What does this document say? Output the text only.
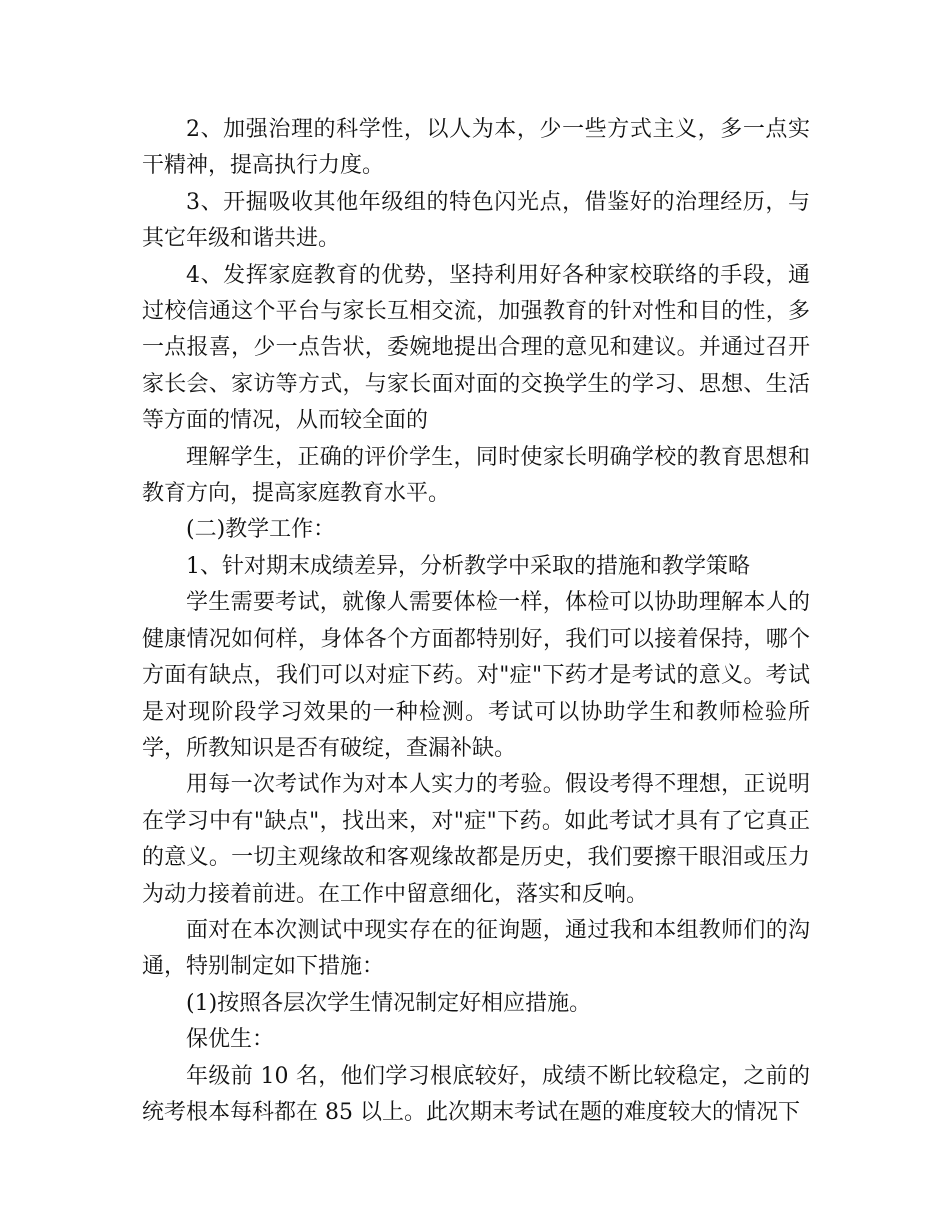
2、加强治理的科学性，以人为本，少一些方式主义，多一点实干精神，提高执行力度。

3、开掘吸收其他年级组的特色闪光点，借鉴好的治理经历，与其它年级和谐共进。

4、发挥家庭教育的优势，坚持利用好各种家校联络的手段，通过校信通这个平台与家长互相交流，加强教育的针对性和目的性，多一点报喜，少一点告状，委婉地提出合理的意见和建议。并通过召开家长会、家访等方式，与家长面对面的交换学生的学习、思想、生活等方面的情况，从而较全面的

理解学生，正确的评价学生，同时使家长明确学校的教育思想和教育方向，提高家庭教育水平。

(二)教学工作：

1、针对期末成绩差异，分析教学中采取的措施和教学策略

学生需要考试，就像人需要体检一样，体检可以协助理解本人的健康情况如何样，身体各个方面都特别好，我们可以接着保持，哪个方面有缺点，我们可以对症下药。对"症"下药才是考试的意义。考试是对现阶段学习效果的一种检测。考试可以协助学生和教师检验所学，所教知识是否有破绽，查漏补缺。

用每一次考试作为对本人实力的考验。假设考得不理想，正说明在学习中有"缺点"，找出来，对"症"下药。如此考试才具有了它真正的意义。一切主观缘故和客观缘故都是历史，我们要擦干眼泪或压力为动力接着前进。在工作中留意细化，落实和反响。

面对在本次测试中现实存在的征询题，通过我和本组教师们的沟通，特别制定如下措施：

(1)按照各层次学生情况制定好相应措施。

保优生：

年级前 10 名，他们学习根底较好，成绩不断比较稳定，之前的统考根本每科都在 85 以上。此次期末考试在题的难度较大的情况下
